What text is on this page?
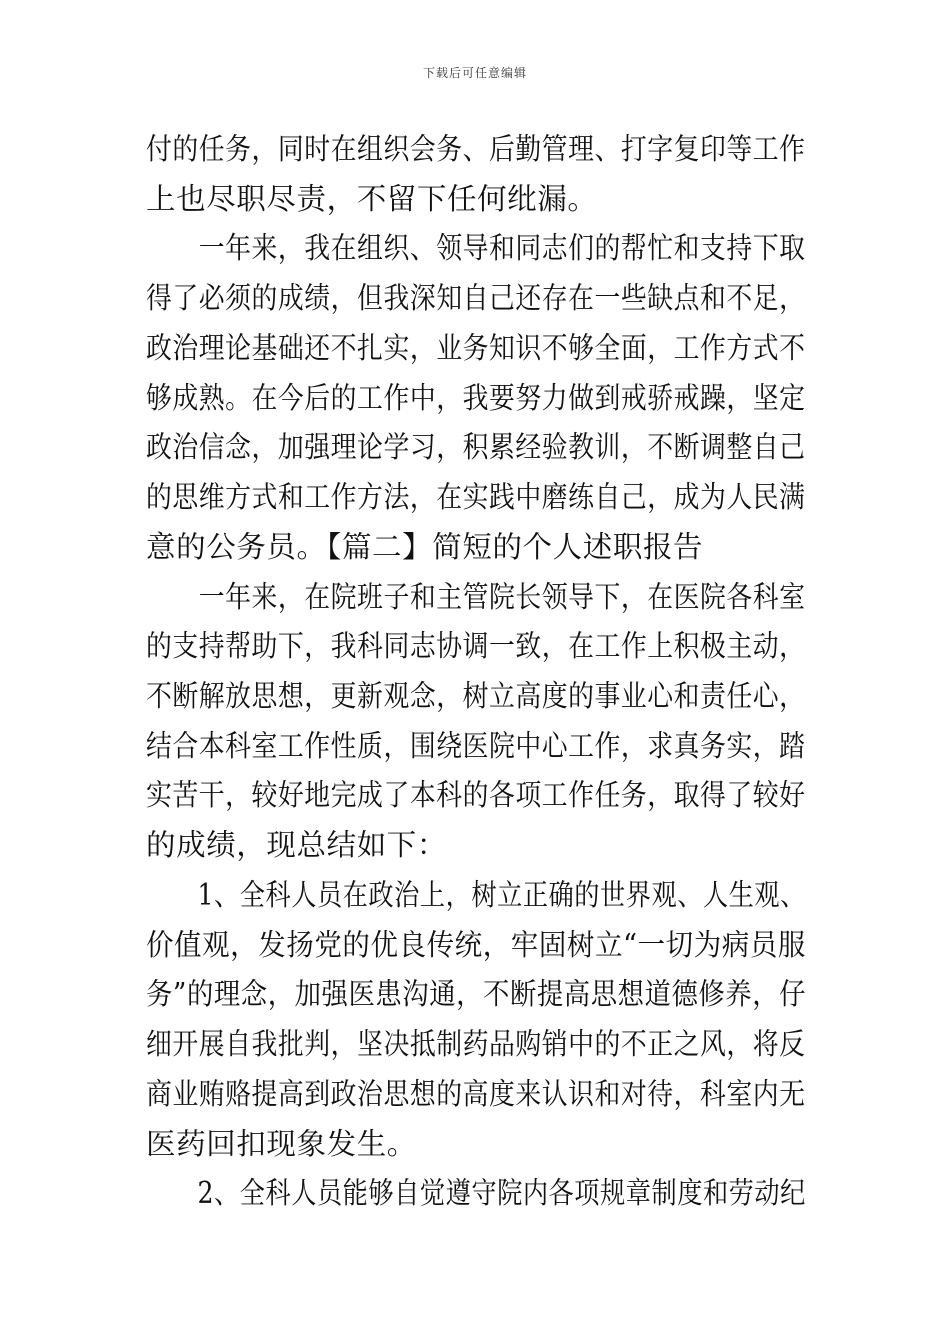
下载后可任意编辑
付的任务，同时在组织会务、后勤管理、打字复印等工作
上也尽职尽责，不留下任何纰漏。
　　一年来，我在组织、领导和同志们的帮忙和支持下取
得了必须的成绩，但我深知自己还存在一些缺点和不足，
政治理论基础还不扎实，业务知识不够全面，工作方式不
够成熟。在今后的工作中，我要努力做到戒骄戒躁，坚定
政治信念，加强理论学习，积累经验教训，不断调整自己
的思维方式和工作方法，在实践中磨练自己，成为人民满
意的公务员。【篇二】简短的个人述职报告
　　一年来，在院班子和主管院长领导下，在医院各科室
的支持帮助下，我科同志协调一致，在工作上积极主动，
不断解放思想，更新观念，树立高度的事业心和责任心，
结合本科室工作性质，围绕医院中心工作，求真务实，踏
实苦干，较好地完成了本科的各项工作任务，取得了较好
的成绩，现总结如下：
　　1、全科人员在政治上，树立正确的世界观、人生观、
价值观，发扬党的优良传统，牢固树立“一切为病员服
务”的理念，加强医患沟通，不断提高思想道德修养，仔
细开展自我批判，坚决抵制药品购销中的不正之风，将反
商业贿赂提高到政治思想的高度来认识和对待，科室内无
医药回扣现象发生。
　　2、全科人员能够自觉遵守院内各项规章制度和劳动纪
